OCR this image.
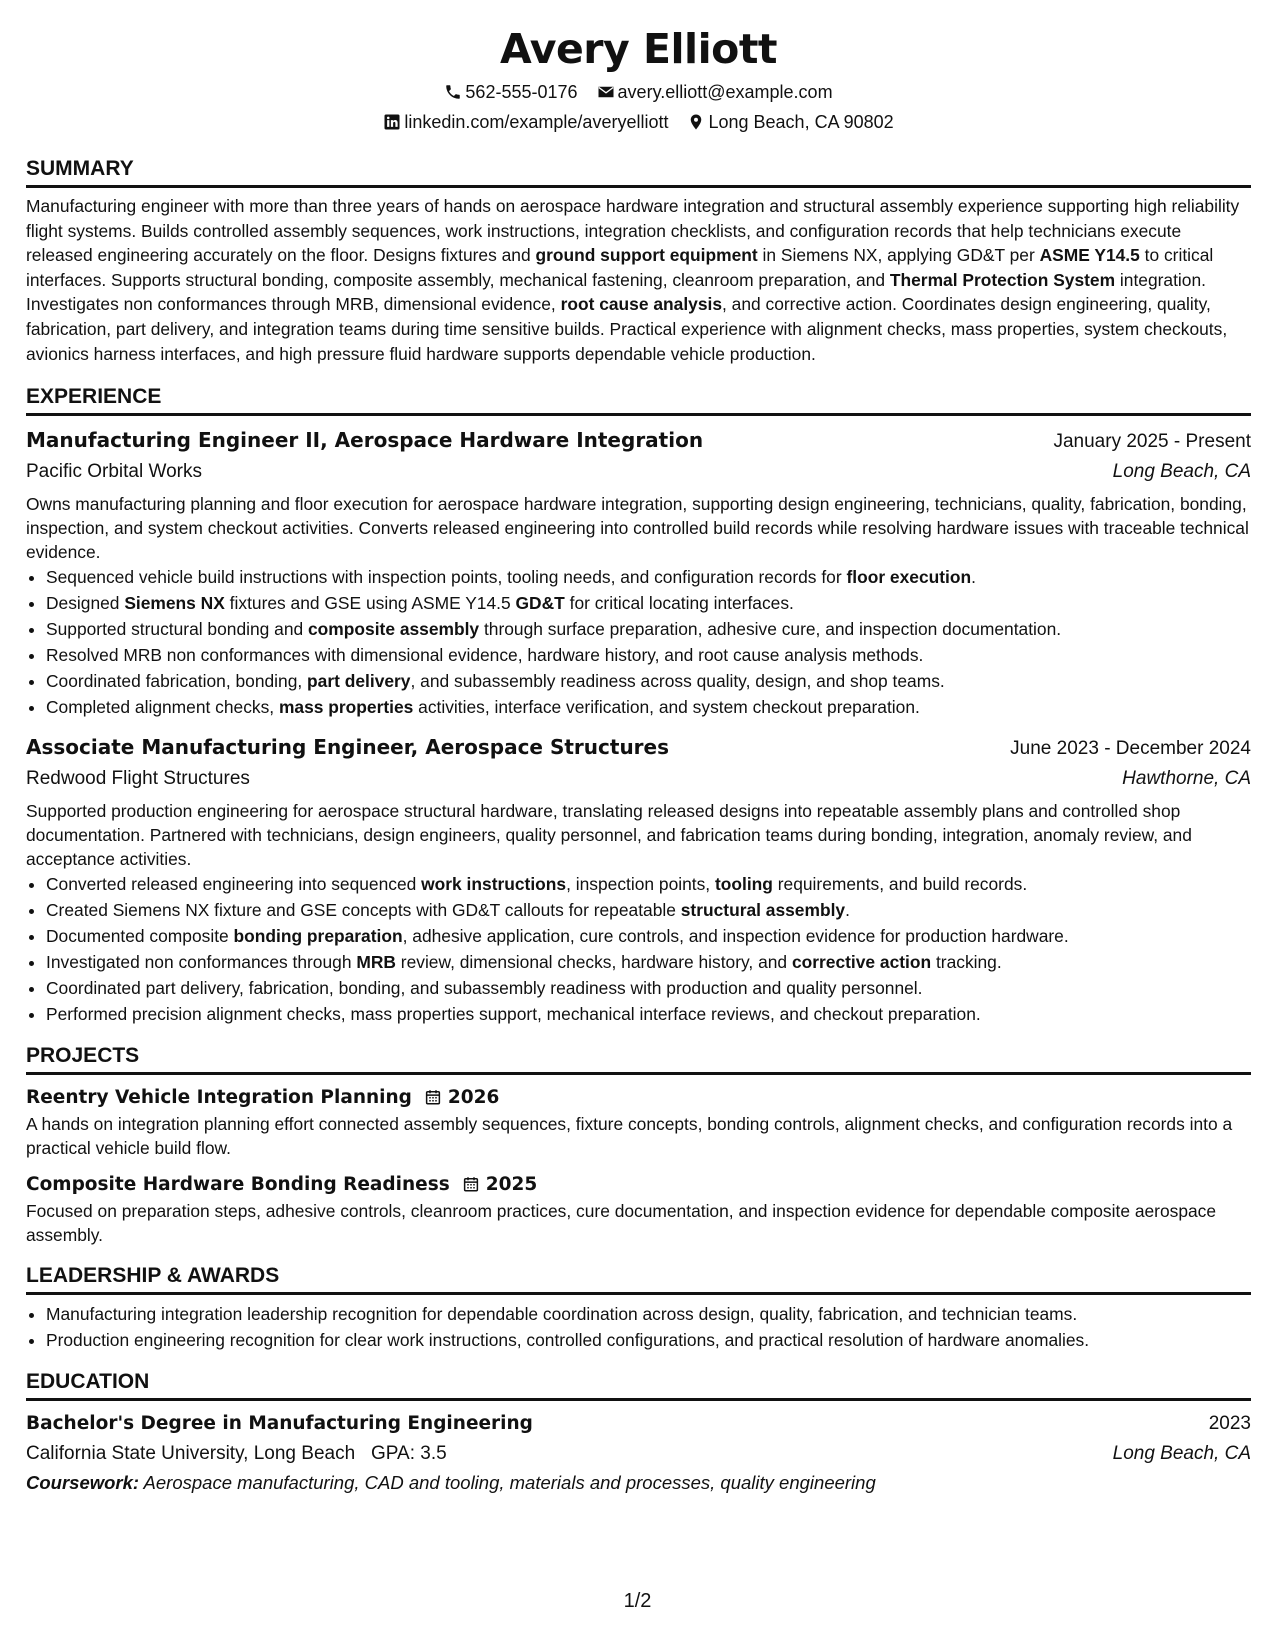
Avery Elliott
562-555-0176 avery.elliott@example.com
linkedin.com/example/averyelliott Long Beach, CA 90802
SUMMARY
Manufacturing engineer with more than three years of hands on aerospace hardware integration and structural assembly experience supporting high reliability flight systems. Builds controlled assembly sequences, work instructions, integration checklists, and configuration records that help technicians execute released engineering accurately on the floor. Designs fixtures and ground support equipment in Siemens NX, applying GD&T per ASME Y14.5 to critical interfaces. Supports structural bonding, composite assembly, mechanical fastening, cleanroom preparation, and Thermal Protection System integration. Investigates non conformances through MRB, dimensional evidence, root cause analysis, and corrective action. Coordinates design engineering, quality, fabrication, part delivery, and integration teams during time sensitive builds. Practical experience with alignment checks, mass properties, system checkouts, avionics harness interfaces, and high pressure fluid hardware supports dependable vehicle production.
EXPERIENCE
Manufacturing Engineer II, Aerospace Hardware Integration	January 2025 - Present
Pacific Orbital Works	Long Beach, CA
Owns manufacturing planning and floor execution for aerospace hardware integration, supporting design engineering, technicians, quality, fabrication, bonding, inspection, and system checkout activities. Converts released engineering into controlled build records while resolving hardware issues with traceable technical evidence.
• Sequenced vehicle build instructions with inspection points, tooling needs, and configuration records for floor execution.
• Designed Siemens NX fixtures and GSE using ASME Y14.5 GD&T for critical locating interfaces.
• Supported structural bonding and composite assembly through surface preparation, adhesive cure, and inspection documentation.
• Resolved MRB non conformances with dimensional evidence, hardware history, and root cause analysis methods.
• Coordinated fabrication, bonding, part delivery, and subassembly readiness across quality, design, and shop teams.
• Completed alignment checks, mass properties activities, interface verification, and system checkout preparation.
Associate Manufacturing Engineer, Aerospace Structures	June 2023 - December 2024
Redwood Flight Structures	Hawthorne, CA
Supported production engineering for aerospace structural hardware, translating released designs into repeatable assembly plans and controlled shop documentation. Partnered with technicians, design engineers, quality personnel, and fabrication teams during bonding, integration, anomaly review, and acceptance activities.
• Converted released engineering into sequenced work instructions, inspection points, tooling requirements, and build records.
• Created Siemens NX fixture and GSE concepts with GD&T callouts for repeatable structural assembly.
• Documented composite bonding preparation, adhesive application, cure controls, and inspection evidence for production hardware.
• Investigated non conformances through MRB review, dimensional checks, hardware history, and corrective action tracking.
• Coordinated part delivery, fabrication, bonding, and subassembly readiness with production and quality personnel.
• Performed precision alignment checks, mass properties support, mechanical interface reviews, and checkout preparation.
PROJECTS
Reentry Vehicle Integration Planning 2026
A hands on integration planning effort connected assembly sequences, fixture concepts, bonding controls, alignment checks, and configuration records into a practical vehicle build flow.
Composite Hardware Bonding Readiness 2025
Focused on preparation steps, adhesive controls, cleanroom practices, cure documentation, and inspection evidence for dependable composite aerospace assembly.
LEADERSHIP & AWARDS
• Manufacturing integration leadership recognition for dependable coordination across design, quality, fabrication, and technician teams.
• Production engineering recognition for clear work instructions, controlled configurations, and practical resolution of hardware anomalies.
EDUCATION
Bachelor's Degree in Manufacturing Engineering	2023
California State University, Long Beach GPA: 3.5	Long Beach, CA
Coursework: Aerospace manufacturing, CAD and tooling, materials and processes, quality engineering
1/2
